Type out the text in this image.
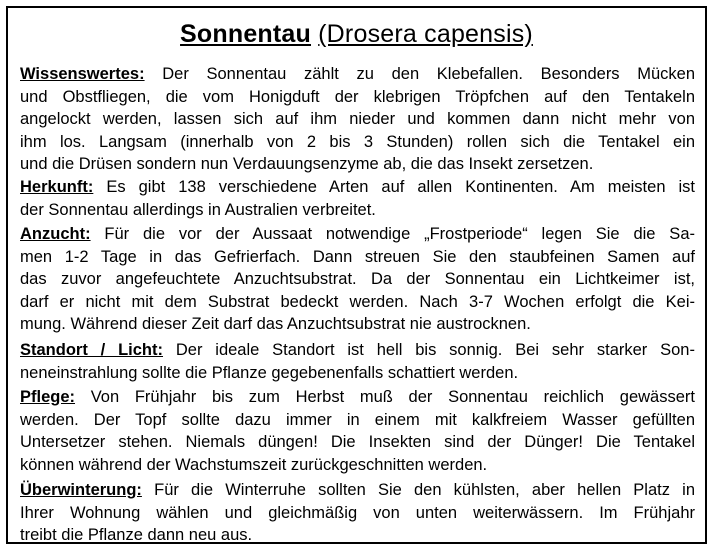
Sonnentau (Drosera capensis)
Wissenswertes: Der Sonnentau zählt zu den Klebefallen. Besonders Mücken
und Obstfliegen, die vom Honigduft der klebrigen Tröpfchen auf den Tentakeln
angelockt werden, lassen sich auf ihm nieder und kommen dann nicht mehr von
ihm los. Langsam (innerhalb von 2 bis 3 Stunden) rollen sich die Tentakel ein
und die Drüsen sondern nun Verdauungsenzyme ab, die das Insekt zersetzen.
Herkunft: Es gibt 138 verschiedene Arten auf allen Kontinenten. Am meisten ist
der Sonnentau allerdings in Australien verbreitet.
Anzucht: Für die vor der Aussaat notwendige „Frostperiode“ legen Sie die Sa-
men 1-2 Tage in das Gefrierfach. Dann streuen Sie den staubfeinen Samen auf
das zuvor angefeuchtete Anzuchtsubstrat. Da der Sonnentau ein Lichtkeimer ist,
darf er nicht mit dem Substrat bedeckt werden. Nach 3-7 Wochen erfolgt die Kei-
mung. Während dieser Zeit darf das Anzuchtsubstrat nie austrocknen.
Standort / Licht: Der ideale Standort ist hell bis sonnig. Bei sehr starker Son-
neneinstrahlung sollte die Pflanze gegebenenfalls schattiert werden.
Pflege: Von Frühjahr bis zum Herbst muß der Sonnentau reichlich gewässert
werden. Der Topf sollte dazu immer in einem mit kalkfreiem Wasser gefüllten
Untersetzer stehen. Niemals düngen! Die Insekten sind der Dünger! Die Tentakel
können während der Wachstumszeit zurückgeschnitten werden.
Überwinterung: Für die Winterruhe sollten Sie den kühlsten, aber hellen Platz in
Ihrer Wohnung wählen und gleichmäßig von unten weiterwässern. Im Frühjahr
treibt die Pflanze dann neu aus.
